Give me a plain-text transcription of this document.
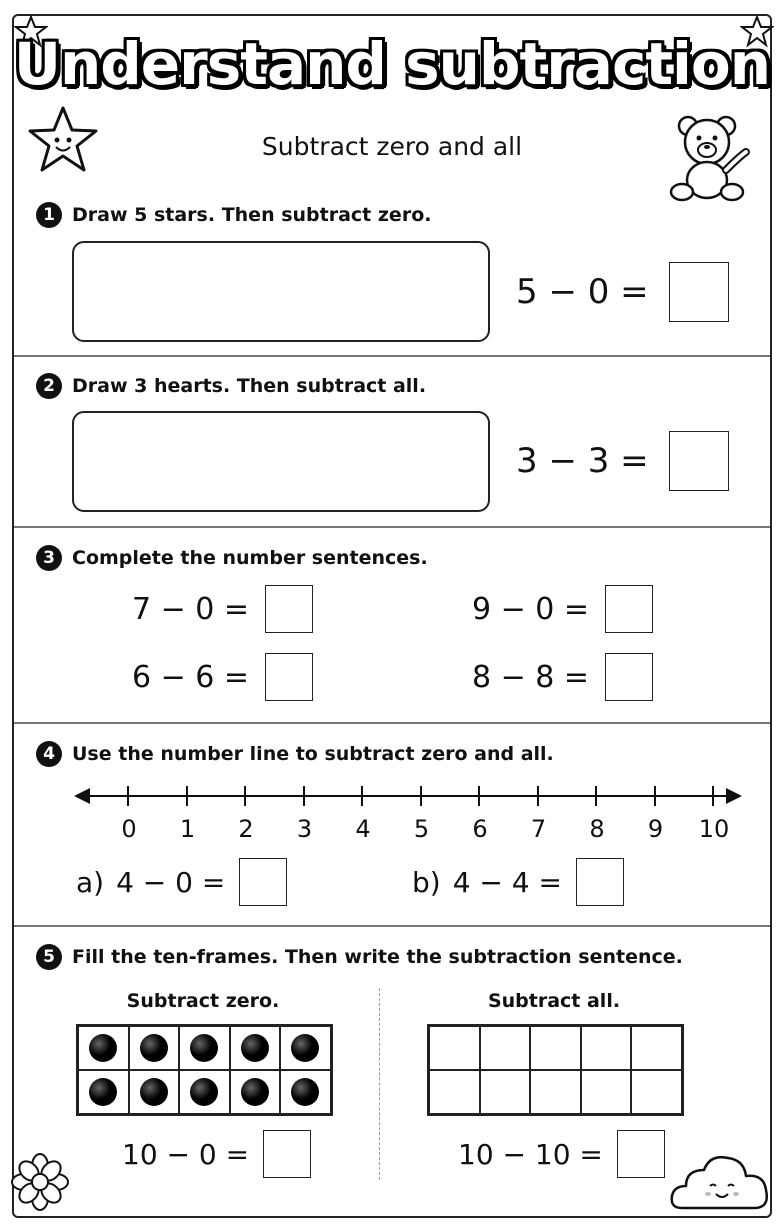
Understand subtraction
Subtract zero and all
1 Draw 5 stars. Then subtract zero.
5 − 0 =
2 Draw 3 hearts. Then subtract all.
3 − 3 =
3 Complete the number sentences.
7 − 0 =	9 − 0 =
6 − 6 =	8 − 8 =
4 Use the number line to subtract zero and all.
0	1	2	3	4	5	6	7	8	9	10
a) 4 − 0 =	b) 4 − 4 =
5 Fill the ten-frames. Then write the subtraction sentence.
Subtract zero.	Subtract all.
10 − 0 =	10 − 10 =
